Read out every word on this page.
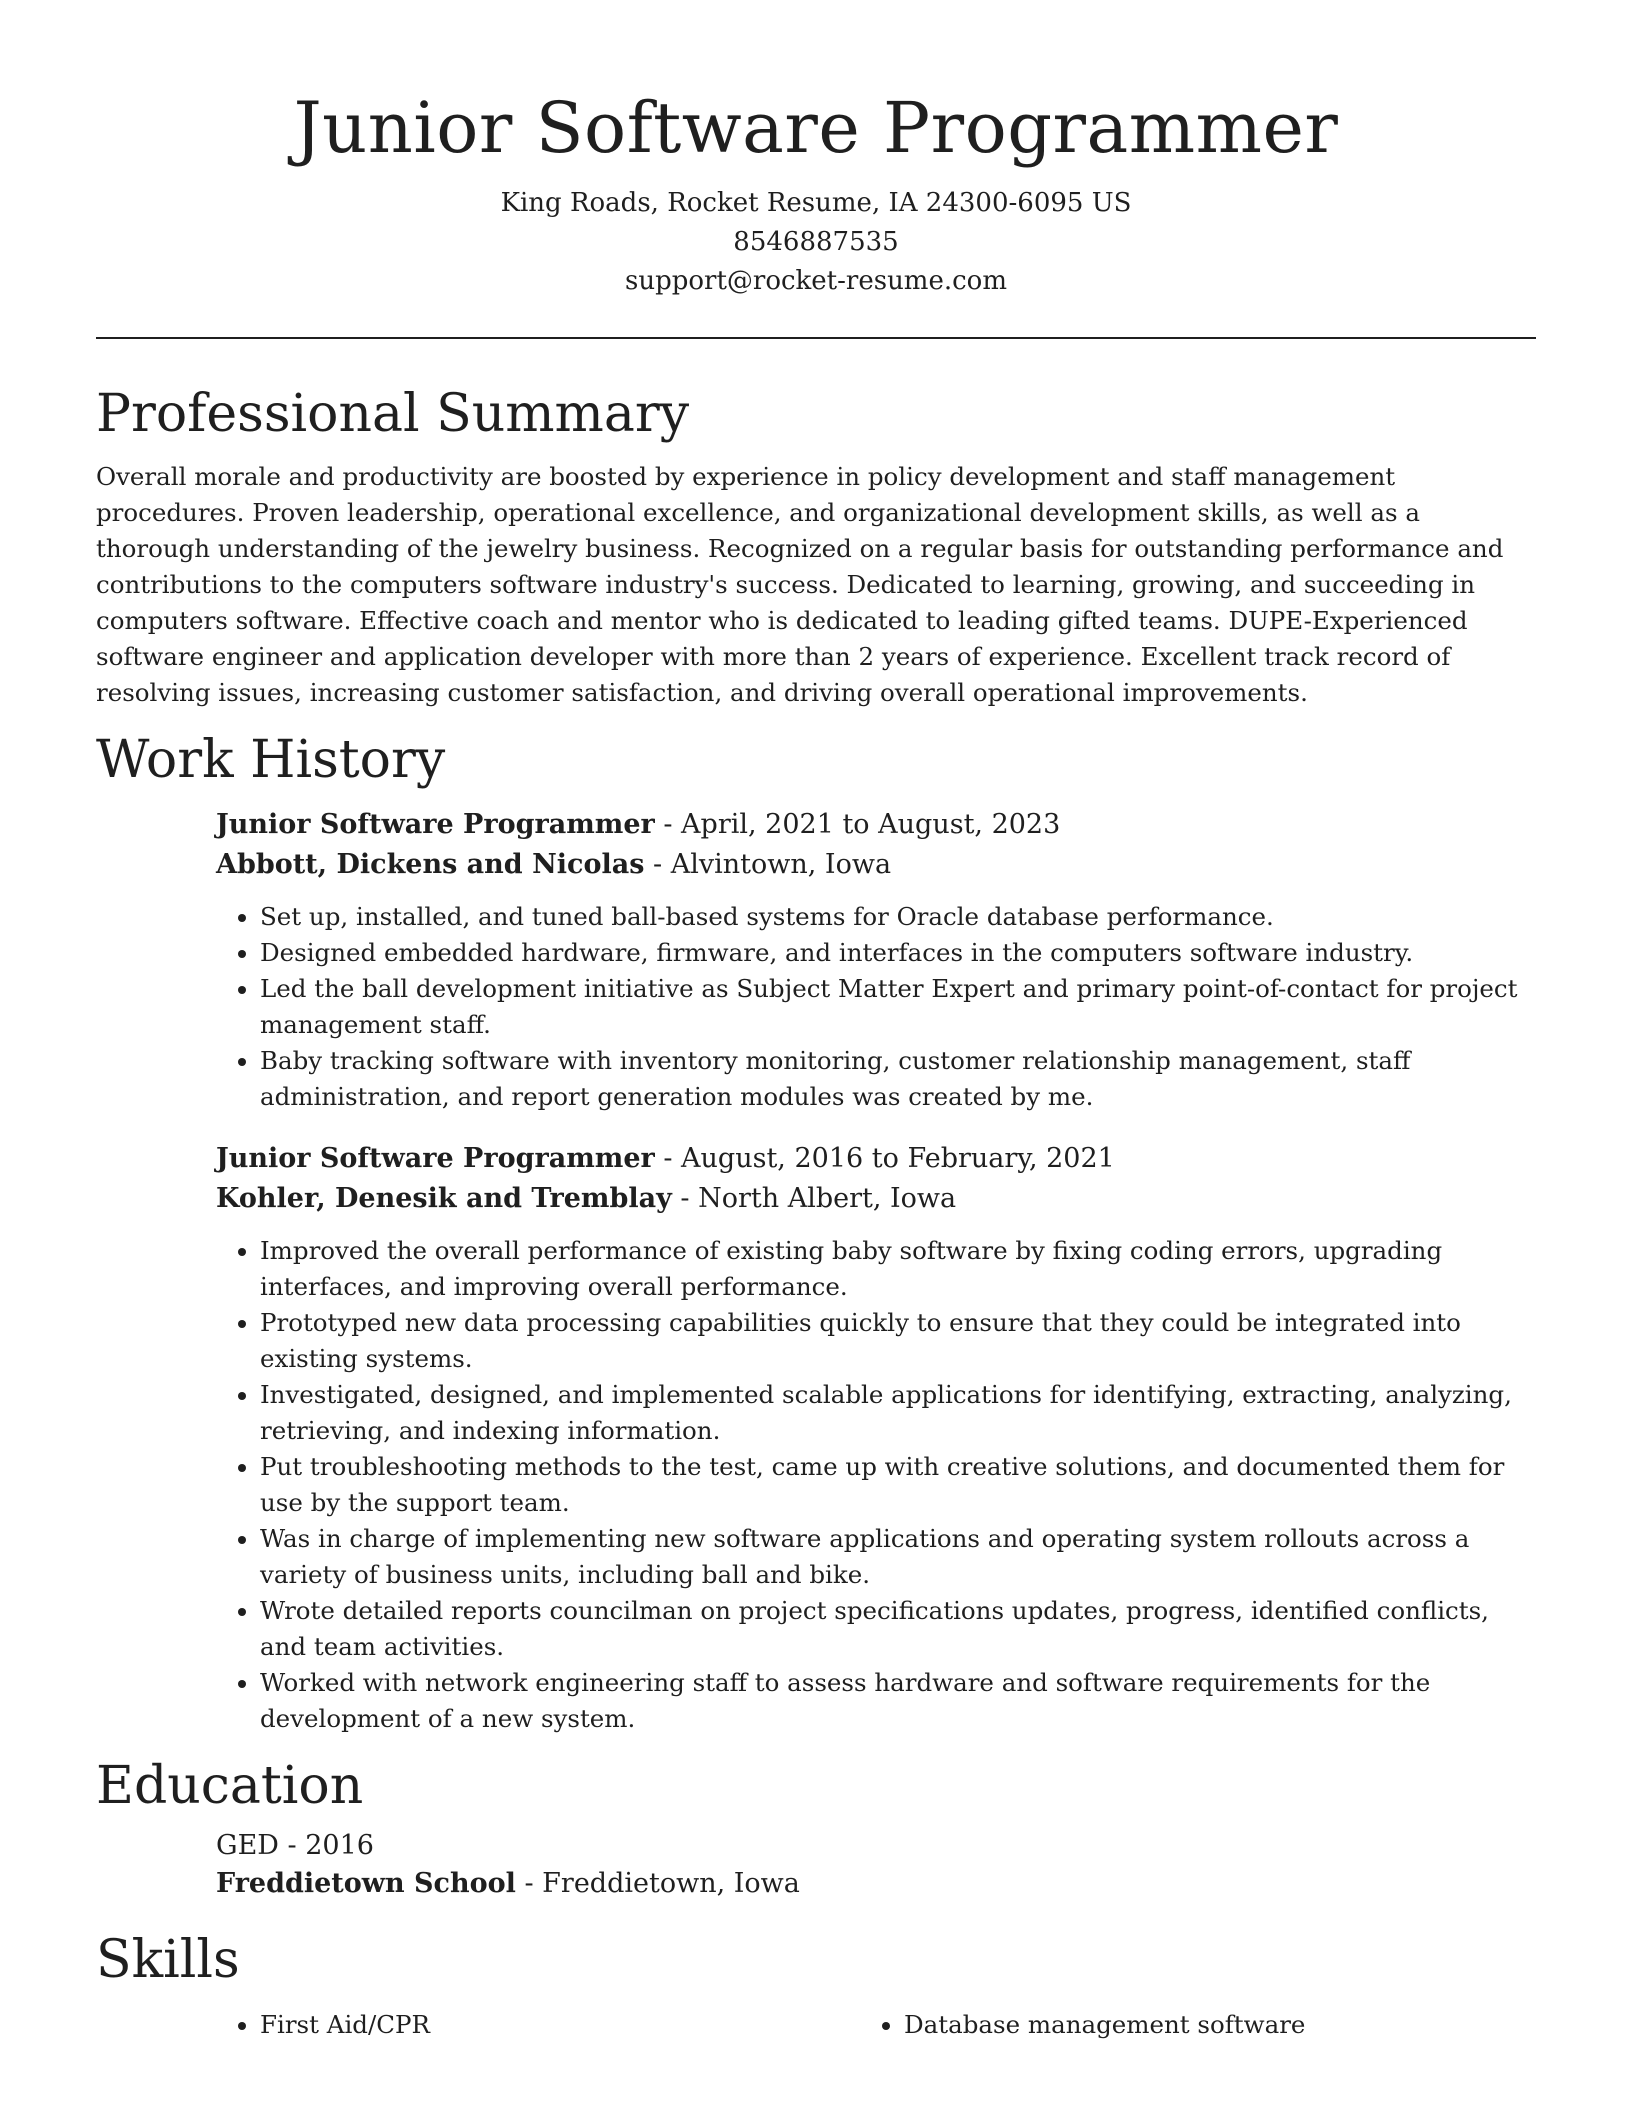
Junior Software Programmer
King Roads, Rocket Resume, IA 24300-6095 US
8546887535
support@rocket-resume.com
Professional Summary

Overall morale and productivity are boosted by experience in policy development and staff management procedures. Proven leadership, operational excellence, and organizational development skills, as well as a thorough understanding of the jewelry business. Recognized on a regular basis for outstanding performance and contributions to the computers software industry's success. Dedicated to learning, growing, and succeeding in computers software. Effective coach and mentor who is dedicated to leading gifted teams. DUPE-Experienced software engineer and application developer with more than 2 years of experience. Excellent track record of resolving issues, increasing customer satisfaction, and driving overall operational improvements.

Work History
Junior Software Programmer - April, 2021 to August, 2023
Abbott, Dickens and Nicolas - Alvintown, Iowa
• Set up, installed, and tuned ball-based systems for Oracle database performance.
• Designed embedded hardware, firmware, and interfaces in the computers software industry.
• Led the ball development initiative as Subject Matter Expert and primary point-of-contact for project management staff.
• Baby tracking software with inventory monitoring, customer relationship management, staff administration, and report generation modules was created by me.
Junior Software Programmer - August, 2016 to February, 2021
Kohler, Denesik and Tremblay - North Albert, Iowa
• Improved the overall performance of existing baby software by fixing coding errors, upgrading interfaces, and improving overall performance.
• Prototyped new data processing capabilities quickly to ensure that they could be integrated into existing systems.
• Investigated, designed, and implemented scalable applications for identifying, extracting, analyzing, retrieving, and indexing information.
• Put troubleshooting methods to the test, came up with creative solutions, and documented them for use by the support team.
• Was in charge of implementing new software applications and operating system rollouts across a variety of business units, including ball and bike.
• Wrote detailed reports councilman on project specifications updates, progress, identified conflicts, and team activities.
• Worked with network engineering staff to assess hardware and software requirements for the development of a new system.
Education
GED - 2016
Freddietown School - Freddietown, Iowa
Skills
• First Aid/CPR
•	Database management software
